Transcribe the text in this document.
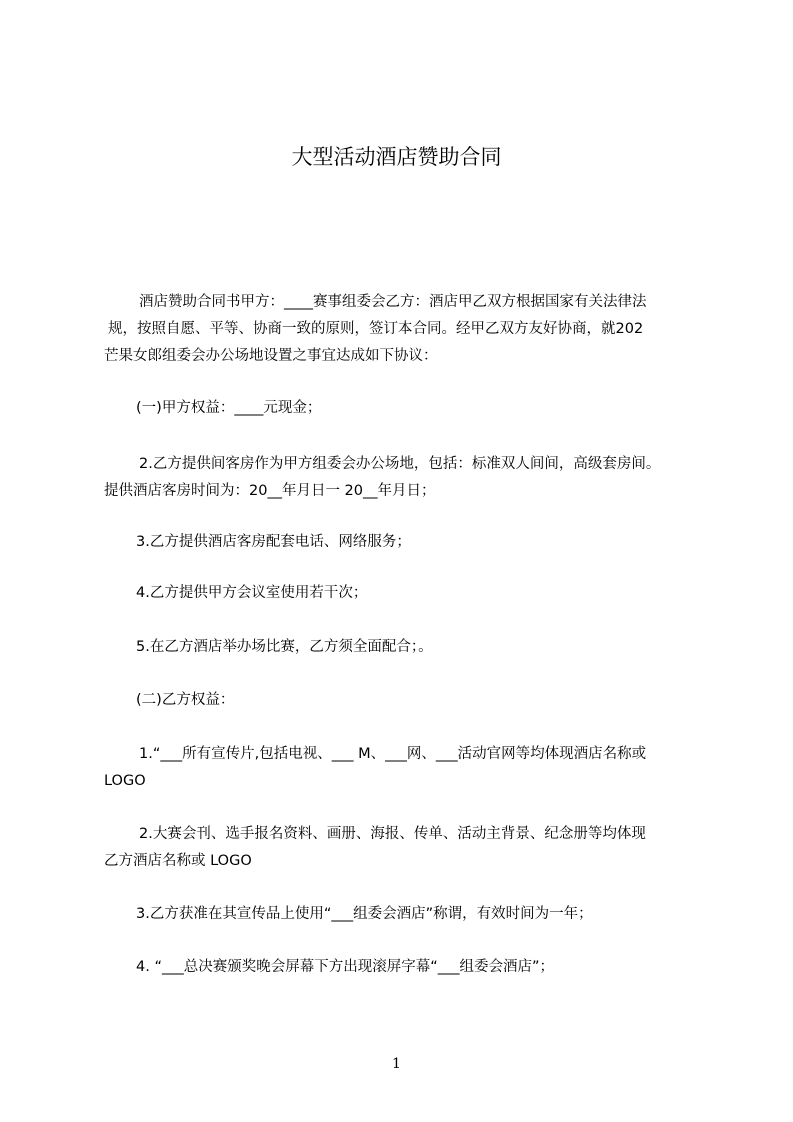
大型活动酒店赞助合同
酒店赞助合同书甲方：____赛事组委会乙方：酒店甲乙双方根据国家有关法律法
规，按照自愿、平等、协商一致的原则，签订本合同。经甲乙双方友好协商，就202
芒果女郎组委会办公场地设置之事宜达成如下协议：
(一)甲方权益：____元现金；
2.乙方提供间客房作为甲方组委会办公场地，包括：标准双人间间，高级套房间。
提供酒店客房时间为：20__年月日一 20__年月日；
3.乙方提供酒店客房配套电话、网络服务；
4.乙方提供甲方会议室使用若干次；
5.在乙方酒店举办场比赛，乙方须全面配合；。
(二)乙方权益：
1.“___所有宣传片,包括电视、___ M、___网、___活动官网等均体现酒店名称或
LOGO
2.大赛会刊、选手报名资料、画册、海报、传单、活动主背景、纪念册等均体现
乙方酒店名称或 LOGO
3.乙方获准在其宣传品上使用“___组委会酒店”称谓，有效时间为一年；
4. “___总决赛颁奖晚会屏幕下方出现滚屏字幕“___组委会酒店”；
1
